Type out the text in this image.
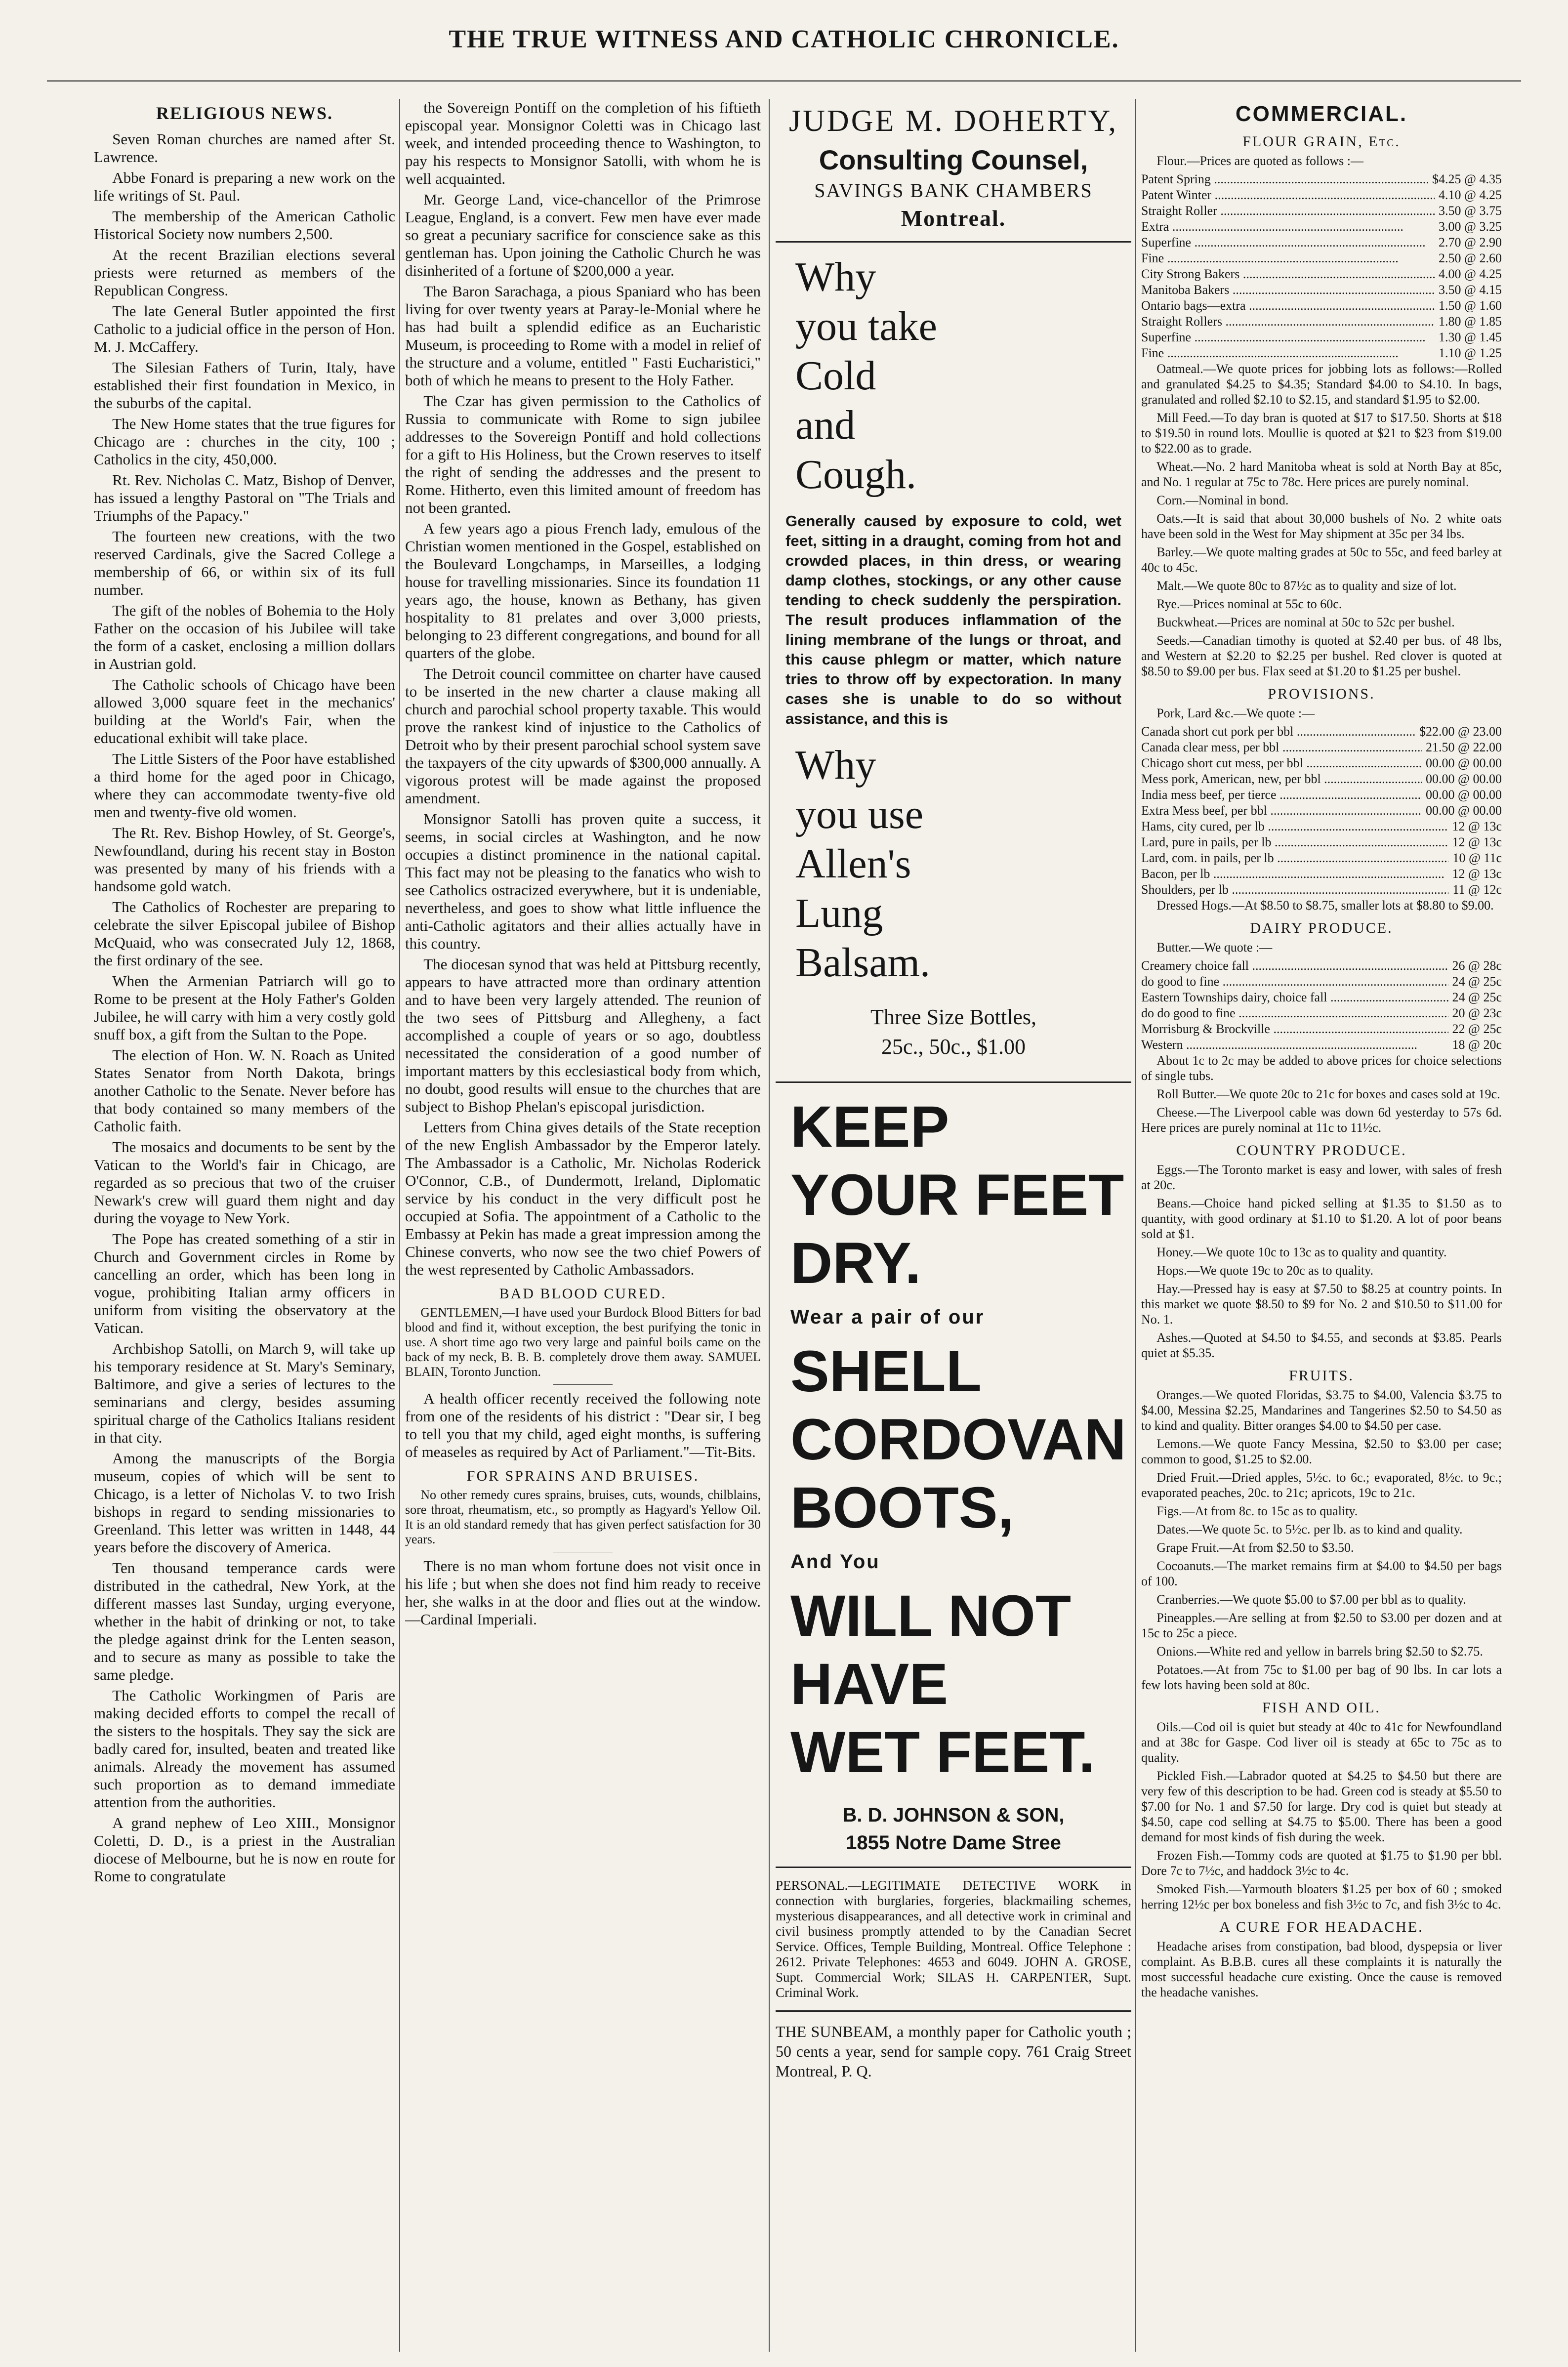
THE TRUE WITNESS AND CATHOLIC CHRONICLE.
RELIGIOUS NEWS.
Seven Roman churches are named after St. Lawrence.
Abbe Fonard is preparing a new work on the life writings of St. Paul.
The membership of the American Catholic Historical Society now numbers 2,500.
At the recent Brazilian elections several priests were returned as members of the Republican Congress.
The late General Butler appointed the first Catholic to a judicial office in the person of Hon. M. J. McCaffery.
The Silesian Fathers of Turin, Italy, have established their first foundation in Mexico, in the suburbs of the capital.
The New Home states that the true figures for Chicago are : churches in the city, 100 ; Catholics in the city, 450,000.
Rt. Rev. Nicholas C. Matz, Bishop of Denver, has issued a lengthy Pastoral on "The Trials and Triumphs of the Papacy."
The fourteen new creations, with the two reserved Cardinals, give the Sacred College a membership of 66, or within six of its full number.
The gift of the nobles of Bohemia to the Holy Father on the occasion of his Jubilee will take the form of a casket, enclosing a million dollars in Austrian gold.
The Catholic schools of Chicago have been allowed 3,000 square feet in the mechanics' building at the World's Fair, when the educational exhibit will take place.
The Little Sisters of the Poor have established a third home for the aged poor in Chicago, where they can accommodate twenty-five old men and twenty-five old women.
The Rt. Rev. Bishop Howley, of St. George's, Newfoundland, during his recent stay in Boston was presented by many of his friends with a handsome gold watch.
The Catholics of Rochester are preparing to celebrate the silver Episcopal jubilee of Bishop McQuaid, who was consecrated July 12, 1868, the first ordinary of the see.
When the Armenian Patriarch will go to Rome to be present at the Holy Father's Golden Jubilee, he will carry with him a very costly gold snuff box, a gift from the Sultan to the Pope.
The election of Hon. W. N. Roach as United States Senator from North Dakota, brings another Catholic to the Senate. Never before has that body contained so many members of the Catholic faith.
The mosaics and documents to be sent by the Vatican to the World's fair in Chicago, are regarded as so precious that two of the cruiser Newark's crew will guard them night and day during the voyage to New York.
The Pope has created something of a stir in Church and Government circles in Rome by cancelling an order, which has been long in vogue, prohibiting Italian army officers in uniform from visiting the observatory at the Vatican.
Archbishop Satolli, on March 9, will take up his temporary residence at St. Mary's Seminary, Baltimore, and give a series of lectures to the seminarians and clergy, besides assuming spiritual charge of the Catholics Italians resident in that city.
Among the manuscripts of the Borgia museum, copies of which will be sent to Chicago, is a letter of Nicholas V. to two Irish bishops in regard to sending missionaries to Greenland. This letter was written in 1448, 44 years before the discovery of America.
Ten thousand temperance cards were distributed in the cathedral, New York, at the different masses last Sunday, urging everyone, whether in the habit of drinking or not, to take the pledge against drink for the Lenten season, and to secure as many as possible to take the same pledge.
The Catholic Workingmen of Paris are making decided efforts to compel the recall of the sisters to the hospitals. They say the sick are badly cared for, insulted, beaten and treated like animals. Already the movement has assumed such proportion as to demand immediate attention from the authorities.
A grand nephew of Leo XIII., Monsignor Coletti, D. D., is a priest in the Australian diocese of Melbourne, but he is now en route for Rome to congratulate
the Sovereign Pontiff on the completion of his fiftieth episcopal year. Monsignor Coletti was in Chicago last week, and intended proceeding thence to Washington, to pay his respects to Monsignor Satolli, with whom he is well acquainted.
Mr. George Land, vice-chancellor of the Primrose League, England, is a convert. Few men have ever made so great a pecuniary sacrifice for conscience sake as this gentleman has. Upon joining the Catholic Church he was disinherited of a fortune of $200,000 a year.
The Baron Sarachaga, a pious Spaniard who has been living for over twenty years at Paray-le-Monial where he has had built a splendid edifice as an Eucharistic Museum, is proceeding to Rome with a model in relief of the structure and a volume, entitled " Fasti Eucharistici," both of which he means to present to the Holy Father.
The Czar has given permission to the Catholics of Russia to communicate with Rome to sign jubilee addresses to the Sovereign Pontiff and hold collections for a gift to His Holiness, but the Crown reserves to itself the right of sending the addresses and the present to Rome. Hitherto, even this limited amount of freedom has not been granted.
A few years ago a pious French lady, emulous of the Christian women mentioned in the Gospel, established on the Boulevard Longchamps, in Marseilles, a lodging house for travelling missionaries. Since its foundation 11 years ago, the house, known as Bethany, has given hospitality to 81 prelates and over 3,000 priests, belonging to 23 different congregations, and bound for all quarters of the globe.
The Detroit council committee on charter have caused to be inserted in the new charter a clause making all church and parochial school property taxable. This would prove the rankest kind of injustice to the Catholics of Detroit who by their present parochial school system save the taxpayers of the city upwards of $300,000 annually. A vigorous protest will be made against the proposed amendment.
Monsignor Satolli has proven quite a success, it seems, in social circles at Washington, and he now occupies a distinct prominence in the national capital. This fact may not be pleasing to the fanatics who wish to see Catholics ostracized everywhere, but it is undeniable, nevertheless, and goes to show what little influence the anti-Catholic agitators and their allies actually have in this country.
The diocesan synod that was held at Pittsburg recently, appears to have attracted more than ordinary attention and to have been very largely attended. The reunion of the two sees of Pittsburg and Allegheny, a fact accomplished a couple of years or so ago, doubtless necessitated the consideration of a good number of important matters by this ecclesiastical body from which, no doubt, good results will ensue to the churches that are subject to Bishop Phelan's episcopal jurisdiction.
Letters from China gives details of the State reception of the new English Ambassador by the Emperor lately. The Ambassador is a Catholic, Mr. Nicholas Roderick O'Connor, C.B., of Dundermott, Ireland, Diplomatic service by his conduct in the very difficult post he occupied at Sofia. The appointment of a Catholic to the Embassy at Pekin has made a great impression among the Chinese converts, who now see the two chief Powers of the west represented by Catholic Ambassadors.
BAD BLOOD CURED.
GENTLEMEN,—I have used your Burdock Blood Bitters for bad blood and find it, without exception, the best purifying the tonic in use. A short time ago two very large and painful boils came on the back of my neck, B. B. B. completely drove them away. SAMUEL BLAIN, Toronto Junction.
A health officer recently received the following note from one of the residents of his district : "Dear sir, I beg to tell you that my child, aged eight months, is suffering of measeles as required by Act of Parliament."—Tit-Bits.
FOR SPRAINS AND BRUISES.
No other remedy cures sprains, bruises, cuts, wounds, chilblains, sore throat, rheumatism, etc., so promptly as Hagyard's Yellow Oil. It is an old standard remedy that has given perfect satisfaction for 30 years.
There is no man whom fortune does not visit once in his life ; but when she does not find him ready to receive her, she walks in at the door and flies out at the window.—Cardinal Imperiali.
JUDGE M. DOHERTY,
Consulting Counsel,
SAVINGS BANK CHAMBERS
Montreal.
Why
you take
Cold
and
Cough.
Generally caused by exposure to cold, wet feet, sitting in a draught, coming from hot and crowded places, in thin dress, or wearing damp clothes, stockings, or any other cause tending to check suddenly the perspiration. The result produces inflammation of the lining membrane of the lungs or throat, and this cause phlegm or matter, which nature tries to throw off by expectoration. In many cases she is unable to do so without assistance, and this is
Why
you use
Allen's
Lung
Balsam.
Three Size Bottles,
25c., 50c., $1.00
KEEP
YOUR FEET
DRY.
Wear a pair of our
SHELL
CORDOVAN
BOOTS,
And You
WILL NOT
HAVE
WET FEET.
B. D. JOHNSON & SON,
1855 Notre Dame Stree
PERSONAL.—LEGITIMATE DETECTIVE WORK in connection with burglaries, forgeries, blackmailing schemes, mysterious disappearances, and all detective work in criminal and civil business promptly attended to by the Canadian Secret Service. Offices, Temple Building, Montreal. Office Telephone : 2612. Private Telephones: 4653 and 6049. JOHN A. GROSE, Supt. Commercial Work; SILAS H. CARPENTER, Supt. Criminal Work.
THE SUNBEAM, a monthly paper for Catholic youth ; 50 cents a year, send for sample copy. 761 Craig Street Montreal, P. Q.
COMMERCIAL.
FLOUR GRAIN, Etc.
Flour.—Prices are quoted as follows :—
Patent Spring .....	$4.25 @ 4.35
Patent Winter .....	4.10 @ 4.25
Straight Roller .....	3.50 @ 3.75
Extra .....	3.00 @ 3.25
Superfine .....	2.70 @ 2.90
Fine .....	2.50 @ 2.60
City Strong Bakers .....	4.00 @ 4.25
Manitoba Bakers .....	3.50 @ 4.15
Ontario bags—extra .....	1.50 @ 1.60
Straight Rollers .....	1.80 @ 1.85
Superfine .....	1.30 @ 1.45
Fine .....	1.10 @ 1.25
Oatmeal.—We quote prices for jobbing lots as follows:—Rolled and granulated $4.25 to $4.35; Standard $4.00 to $4.10. In bags, granulated and rolled $2.10 to $2.15, and standard $1.95 to $2.00.
Mill Feed.—To day bran is quoted at $17 to $17.50. Shorts at $18 to $19.50 in round lots. Moullie is quoted at $21 to $23 from $19.00 to $22.00 as to grade.
Wheat.—No. 2 hard Manitoba wheat is sold at North Bay at 85c, and No. 1 regular at 75c to 78c. Here prices are purely nominal.
Corn.—Nominal in bond.
Oats.—It is said that about 30,000 bushels of No. 2 white oats have been sold in the West for May shipment at 35c per 34 lbs.
Barley.—We quote malting grades at 50c to 55c, and feed barley at 40c to 45c.
Malt.—We quote 80c to 87½c as to quality and size of lot.
Rye.—Prices nominal at 55c to 60c.
Buckwheat.—Prices are nominal at 50c to 52c per bushel.
Seeds.—Canadian timothy is quoted at $2.40 per bus. of 48 lbs, and Western at $2.20 to $2.25 per bushel. Red clover is quoted at $8.50 to $9.00 per bus. Flax seed at $1.20 to $1.25 per bushel.
PROVISIONS.
Pork, Lard &c.—We quote :—
Canada short cut pork per bbl .....	$22.00 @ 23.00
Canada clear mess, per bbl .....	21.50 @ 22.00
Chicago short cut mess, per bbl .....	00.00 @ 00.00
Mess pork, American, new, per bbl .....	00.00 @ 00.00
India mess beef, per tierce .....	00.00 @ 00.00
Extra Mess beef, per bbl .....	00.00 @ 00.00
Hams, city cured, per lb .....	12 @ 13c
Lard, pure in pails, per lb .....	12 @ 13c
Lard, com. in pails, per lb .....	10 @ 11c
Bacon, per lb .....	12 @ 13c
Shoulders, per lb .....	11 @ 12c
Dressed Hogs.—At $8.50 to $8.75, smaller lots at $8.80 to $9.00.
DAIRY PRODUCE.
Butter.—We quote :—
Creamery choice fall .....	26 @ 28c
do good to fine .....	24 @ 25c
Eastern Townships dairy, choice fall .....	24 @ 25c
do do good to fine .....	20 @ 23c
Morrisburg & Brockville .....	22 @ 25c
Western .....	18 @ 20c
About 1c to 2c may be added to above prices for choice selections of single tubs.
Roll Butter.—We quote 20c to 21c for boxes and cases sold at 19c.
Cheese.—The Liverpool cable was down 6d yesterday to 57s 6d. Here prices are purely nominal at 11c to 11½c.
COUNTRY PRODUCE.
Eggs.—The Toronto market is easy and lower, with sales of fresh at 20c.
Beans.—Choice hand picked selling at $1.35 to $1.50 as to quantity, with good ordinary at $1.10 to $1.20. A lot of poor beans sold at $1.
Honey.—We quote 10c to 13c as to quality and quantity.
Hops.—We quote 19c to 20c as to quality.
Hay.—Pressed hay is easy at $7.50 to $8.25 at country points. In this market we quote $8.50 to $9 for No. 2 and $10.50 to $11.00 for No. 1.
Ashes.—Quoted at $4.50 to $4.55, and seconds at $3.85. Pearls quiet at $5.35.
FRUITS.
Oranges.—We quoted Floridas, $3.75 to $4.00, Valencia $3.75 to $4.00, Messina $2.25, Mandarines and Tangerines $2.50 to $4.50 as to kind and quality. Bitter oranges $4.00 to $4.50 per case.
Lemons.—We quote Fancy Messina, $2.50 to $3.00 per case; common to good, $1.25 to $2.00.
Dried Fruit.—Dried apples, 5½c. to 6c.; evaporated, 8½c. to 9c.; evaporated peaches, 20c. to 21c; apricots, 19c to 21c.
Figs.—At from 8c. to 15c as to quality.
Dates.—We quote 5c. to 5½c. per lb. as to kind and quality.
Grape Fruit.—At from $2.50 to $3.50.
Cocoanuts.—The market remains firm at $4.00 to $4.50 per bags of 100.
Cranberries.—We quote $5.00 to $7.00 per bbl as to quality.
Pineapples.—Are selling at from $2.50 to $3.00 per dozen and at 15c to 25c a piece.
Onions.—White red and yellow in barrels bring $2.50 to $2.75.
Potatoes.—At from 75c to $1.00 per bag of 90 lbs. In car lots a few lots having been sold at 80c.
FISH AND OIL.
Oils.—Cod oil is quiet but steady at 40c to 41c for Newfoundland and at 38c for Gaspe. Cod liver oil is steady at 65c to 75c as to quality.
Pickled Fish.—Labrador quoted at $4.25 to $4.50 but there are very few of this description to be had. Green cod is steady at $5.50 to $7.00 for No. 1 and $7.50 for large. Dry cod is quiet but steady at $4.50, cape cod selling at $4.75 to $5.00. There has been a good demand for most kinds of fish during the week.
Frozen Fish.—Tommy cods are quoted at $1.75 to $1.90 per bbl. Dore 7c to 7½c, and haddock 3½c to 4c.
Smoked Fish.—Yarmouth bloaters $1.25 per box of 60 ; smoked herring 12½c per box boneless and fish 3½c to 7c, and fish 3½c to 4c.
A CURE FOR HEADACHE.
Headache arises from constipation, bad blood, dyspepsia or liver complaint. As B.B.B. cures all these complaints it is naturally the most successful headache cure existing. Once the cause is removed the headache vanishes.
